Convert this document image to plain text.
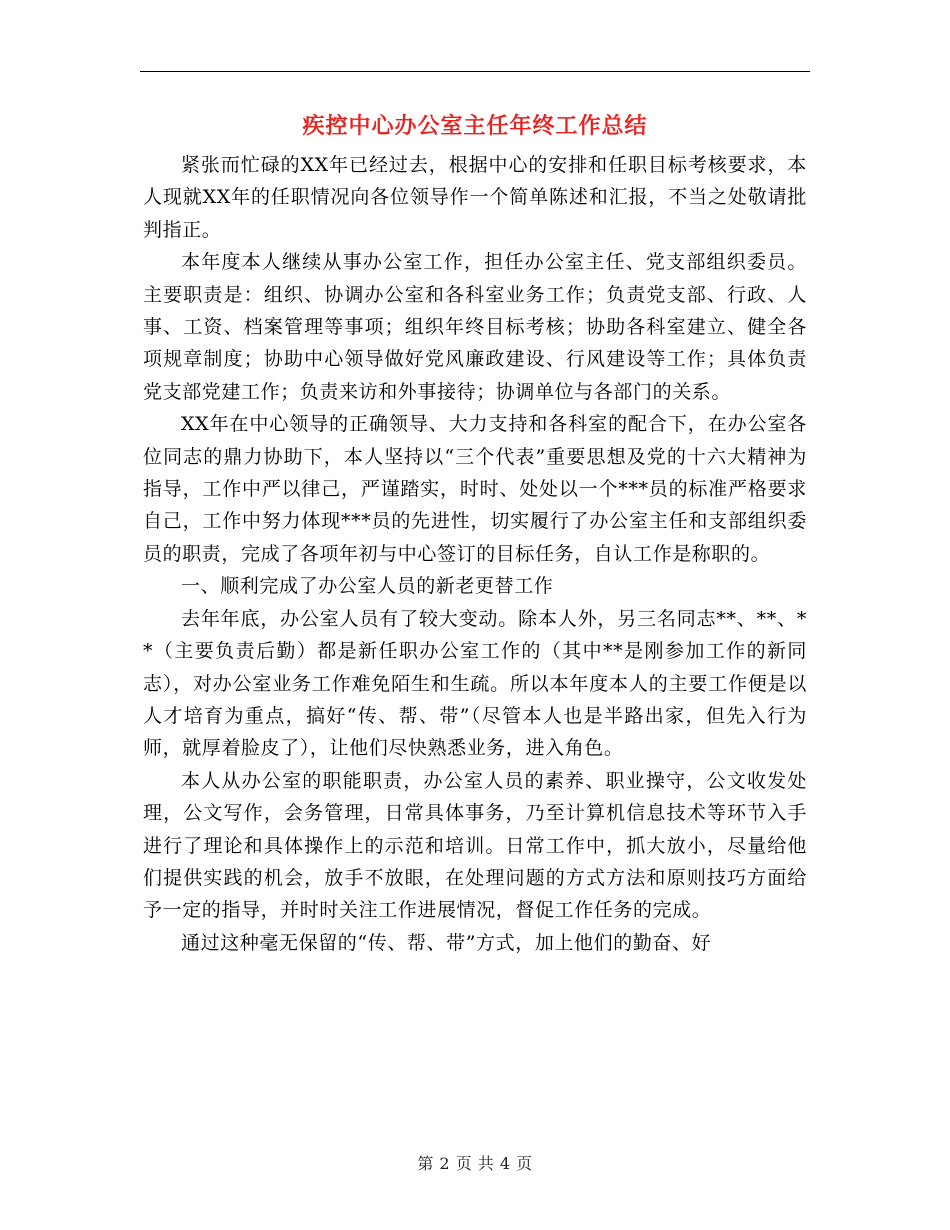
疾控中心办公室主任年终工作总结

紧张而忙碌的XX年已经过去，根据中心的安排和任职目标考核要求，本人现就XX年的任职情况向各位领导作一个简单陈述和汇报，不当之处敬请批判指正。

本年度本人继续从事办公室工作，担任办公室主任、党支部组织委员。主要职责是：组织、协调办公室和各科室业务工作；负责党支部、行政、人事、工资、档案管理等事项；组织年终目标考核；协助各科室建立、健全各项规章制度；协助中心领导做好党风廉政建设、行风建设等工作；具体负责党支部党建工作；负责来访和外事接待；协调单位与各部门的关系。

XX年在中心领导的正确领导、大力支持和各科室的配合下，在办公室各位同志的鼎力协助下，本人坚持以“三个代表”重要思想及党的十六大精神为指导，工作中严以律己，严谨踏实，时时、处处以一个***员的标准严格要求自己，工作中努力体现***员的先进性，切实履行了办公室主任和支部组织委员的职责，完成了各项年初与中心签订的目标任务，自认工作是称职的。

一、顺利完成了办公室人员的新老更替工作

去年年底，办公室人员有了较大变动。除本人外，另三名同志**、**、**（主要负责后勤）都是新任职办公室工作的（其中**是刚参加工作的新同志），对办公室业务工作难免陌生和生疏。所以本年度本人的主要工作便是以人才培育为重点，搞好“传、帮、带”（尽管本人也是半路出家，但先入行为师，就厚着脸皮了），让他们尽快熟悉业务，进入角色。

本人从办公室的职能职责，办公室人员的素养、职业操守，公文收发处理，公文写作，会务管理，日常具体事务，乃至计算机信息技术等环节入手进行了理论和具体操作上的示范和培训。日常工作中，抓大放小，尽量给他们提供实践的机会，放手不放眼，在处理问题的方式方法和原则技巧方面给予一定的指导，并时时关注工作进展情况，督促工作任务的完成。

通过这种毫无保留的“传、帮、带”方式，加上他们的勤奋、好

第 2 页 共 4 页
